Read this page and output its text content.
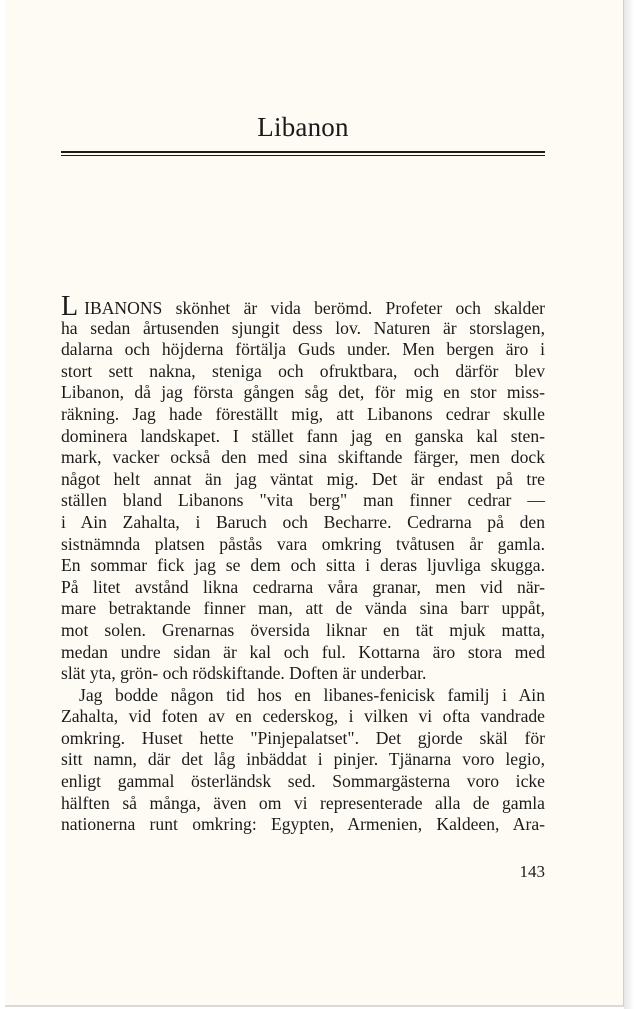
Libanon
LIBANONS skönhet är vida berömd. Profeter och skalder
ha sedan årtusenden sjungit dess lov. Naturen är storslagen,
dalarna och höjderna förtälja Guds under. Men bergen äro i
stort sett nakna, steniga och ofruktbara, och därför blev
Libanon, då jag första gången såg det, för mig en stor miss-
räkning. Jag hade föreställt mig, att Libanons cedrar skulle
dominera landskapet. I stället fann jag en ganska kal sten-
mark, vacker också den med sina skiftande färger, men dock
något helt annat än jag väntat mig. Det är endast på tre
ställen bland Libanons "vita berg" man finner cedrar —
i Ain Zahalta, i Baruch och Becharre. Cedrarna på den
sistnämnda platsen påstås vara omkring tvåtusen år gamla.
En sommar fick jag se dem och sitta i deras ljuvliga skugga.
På litet avstånd likna cedrarna våra granar, men vid när-
mare betraktande finner man, att de vända sina barr uppåt,
mot solen. Grenarnas översida liknar en tät mjuk matta,
medan undre sidan är kal och ful. Kottarna äro stora med
slät yta, grön- och rödskiftande. Doften är underbar.
Jag bodde någon tid hos en libanes-fenicisk familj i Ain
Zahalta, vid foten av en cederskog, i vilken vi ofta vandrade
omkring. Huset hette "Pinjepalatset". Det gjorde skäl för
sitt namn, där det låg inbäddat i pinjer. Tjänarna voro legio,
enligt gammal österländsk sed. Sommargästerna voro icke
hälften så många, även om vi representerade alla de gamla
nationerna runt omkring: Egypten, Armenien, Kaldeen, Ara-
143
